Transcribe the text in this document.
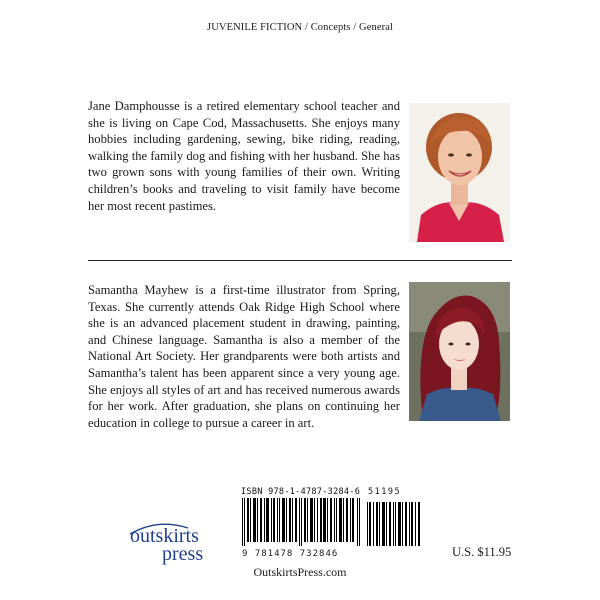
JUVENILE FICTION / Concepts / General
Jane Damphousse is a retired elementary school teacher and she is living on Cape Cod, Massachusetts. She enjoys many hobbies including gardening, sewing, bike riding, reading, walking the family dog and fishing with her husband. She has two grown sons with young families of their own. Writing children’s books and traveling to visit family have become her most recent pastimes.
Samantha Mayhew is a first-time illustrator from Spring, Texas. She currently attends Oak Ridge High School where she is an advanced placement student in drawing, painting, and Chinese language. Samantha is also a member of the National Art Society. Her grandparents were both artists and Samantha’s talent has been apparent since a very young age. She enjoys all styles of art and has received numerous awards for her work. After graduation, she plans on continuing her education in college to pursue a career in art.
ISBN 978-1-4787-3284-6 51195
9 781478 732846	U.S. $11.95
outskirts
press
OutskirtsPress.com
